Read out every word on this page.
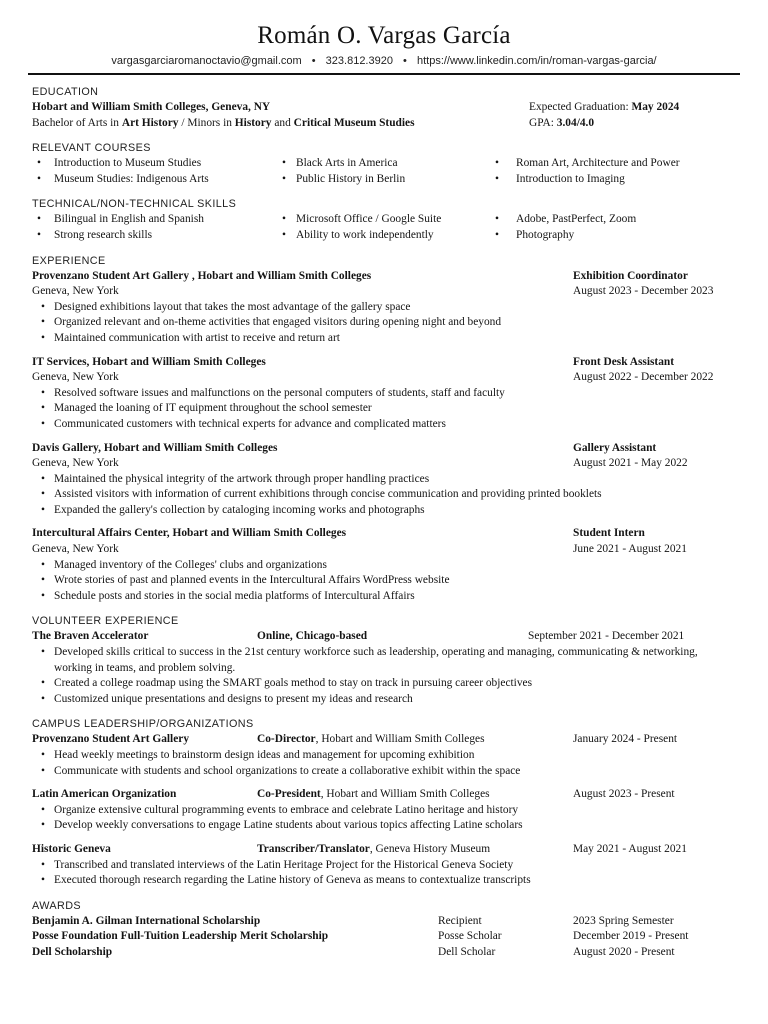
Román O. Vargas García
vargasgarciaromanoctavio@gmail.com • 323.812.3920 • https://www.linkedin.com/in/roman-vargas-garcia/
EDUCATION
Hobart and William Smith Colleges, Geneva, NY	Expected Graduation: May 2024
Bachelor of Arts in Art History / Minors in History and Critical Museum Studies	GPA: 3.04/4.0
RELEVANT COURSES
• Introduction to Museum Studies
• Museum Studies: Indigenous Arts
• Black Arts in America
• Public History in Berlin
• Roman Art, Architecture and Power
• Introduction to Imaging
TECHNICAL/NON-TECHNICAL SKILLS
• Bilingual in English and Spanish
• Strong research skills
• Microsoft Office / Google Suite
• Ability to work independently
• Adobe, PastPerfect, Zoom
• Photography
EXPERIENCE
Provenzano Student Art Gallery , Hobart and William Smith Colleges	Exhibition Coordinator
Geneva, New York	August 2023 - December 2023
• Designed exhibitions layout that takes the most advantage of the gallery space
• Organized relevant and on-theme activities that engaged visitors during opening night and beyond
• Maintained communication with artist to receive and return art
IT Services, Hobart and William Smith Colleges	Front Desk Assistant
Geneva, New York	August 2022 - December 2022
• Resolved software issues and malfunctions on the personal computers of students, staff and faculty
• Managed the loaning of IT equipment throughout the school semester
• Communicated customers with technical experts for advance and complicated matters
Davis Gallery, Hobart and William Smith Colleges	Gallery Assistant
Geneva, New York	August 2021 - May 2022
• Maintained the physical integrity of the artwork through proper handling practices
• Assisted visitors with information of current exhibitions through concise communication and providing printed booklets
• Expanded the gallery's collection by cataloging incoming works and photographs
Intercultural Affairs Center, Hobart and William Smith Colleges	Student Intern
Geneva, New York	June 2021 - August 2021
• Managed inventory of the Colleges' clubs and organizations
• Wrote stories of past and planned events in the Intercultural Affairs WordPress website
• Schedule posts and stories in the social media platforms of Intercultural Affairs
VOLUNTEER EXPERIENCE
The Braven Accelerator	Online, Chicago-based	September 2021 - December 2021
• Developed skills critical to success in the 21st century workforce such as leadership, operating and managing, communicating & networking, working in teams, and problem solving.
• Created a college roadmap using the SMART goals method to stay on track in pursuing career objectives
• Customized unique presentations and designs to present my ideas and research
CAMPUS LEADERSHIP/ORGANIZATIONS
Provenzano Student Art Gallery	Co-Director, Hobart and William Smith Colleges	January 2024 - Present
• Head weekly meetings to brainstorm design ideas and management for upcoming exhibition
• Communicate with students and school organizations to create a collaborative exhibit within the space
Latin American Organization	Co-President, Hobart and William Smith Colleges	August 2023 - Present
• Organize extensive cultural programming events to embrace and celebrate Latino heritage and history
• Develop weekly conversations to engage Latine students about various topics affecting Latine scholars
Historic Geneva	Transcriber/Translator, Geneva History Museum	May 2021 - August 2021
• Transcribed and translated interviews of the Latin Heritage Project for the Historical Geneva Society
• Executed thorough research regarding the Latine history of Geneva as means to contextualize transcripts
AWARDS
Benjamin A. Gilman International Scholarship	Recipient	2023 Spring Semester
Posse Foundation Full-Tuition Leadership Merit Scholarship	Posse Scholar	December 2019 - Present
Dell Scholarship	Dell Scholar	August 2020 - Present
